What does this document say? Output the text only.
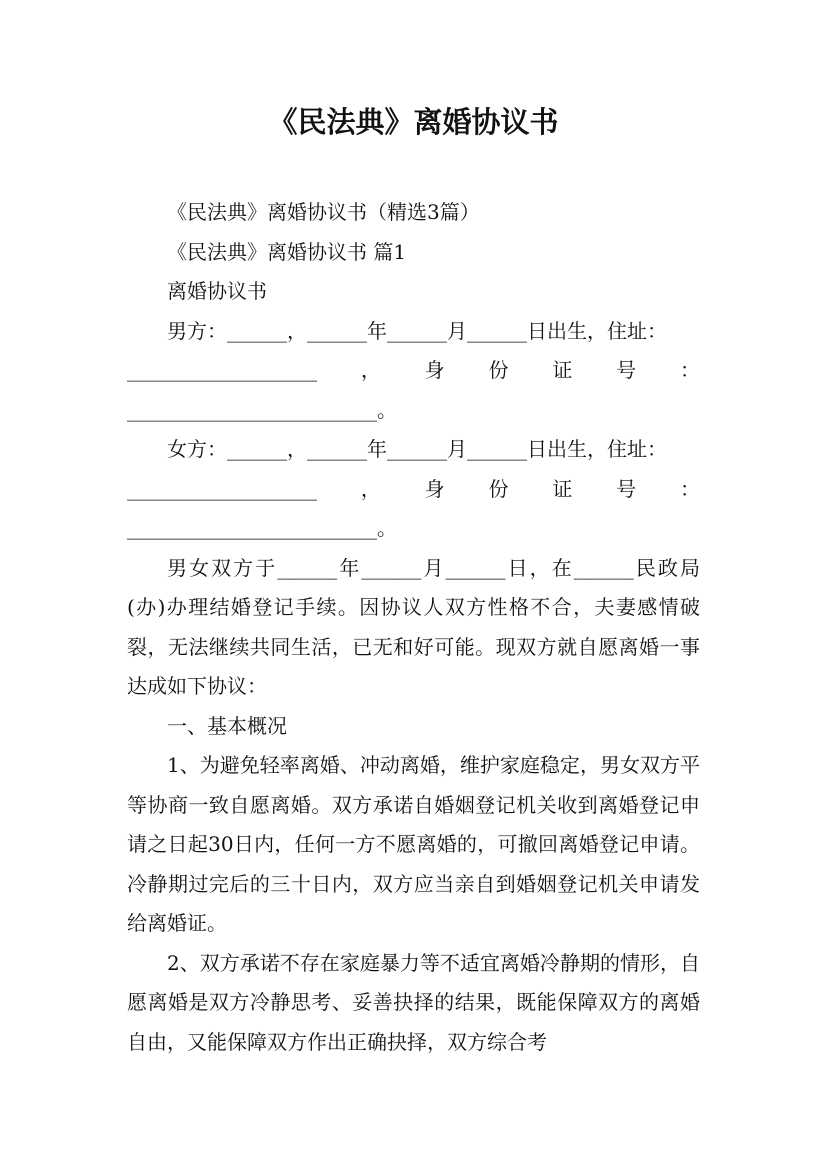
《民法典》离婚协议书

《民法典》离婚协议书（精选3篇）

《民法典》离婚协议书 篇1

离婚协议书

男方：______，______年______月______日出生，住址：

___________________ ， 身 份 证 号 ：

_________________________。

女方：______，______年______月______日出生，住址：

___________________ ， 身 份 证 号 ：

_________________________。

男女双方于______年______月______日，在______民政局(办)办理结婚登记手续。因协议人双方性格不合，夫妻感情破裂，无法继续共同生活，已无和好可能。现双方就自愿离婚一事达成如下协议：

一、基本概况

1、为避免轻率离婚、冲动离婚，维护家庭稳定，男女双方平等协商一致自愿离婚。双方承诺自婚姻登记机关收到离婚登记申请之日起30日内，任何一方不愿离婚的，可撤回离婚登记申请。冷静期过完后的三十日内，双方应当亲自到婚姻登记机关申请发给离婚证。

2、双方承诺不存在家庭暴力等不适宜离婚冷静期的情形，自愿离婚是双方冷静思考、妥善抉择的结果，既能保障双方的离婚自由，又能保障双方作出正确抉择，双方综合考
